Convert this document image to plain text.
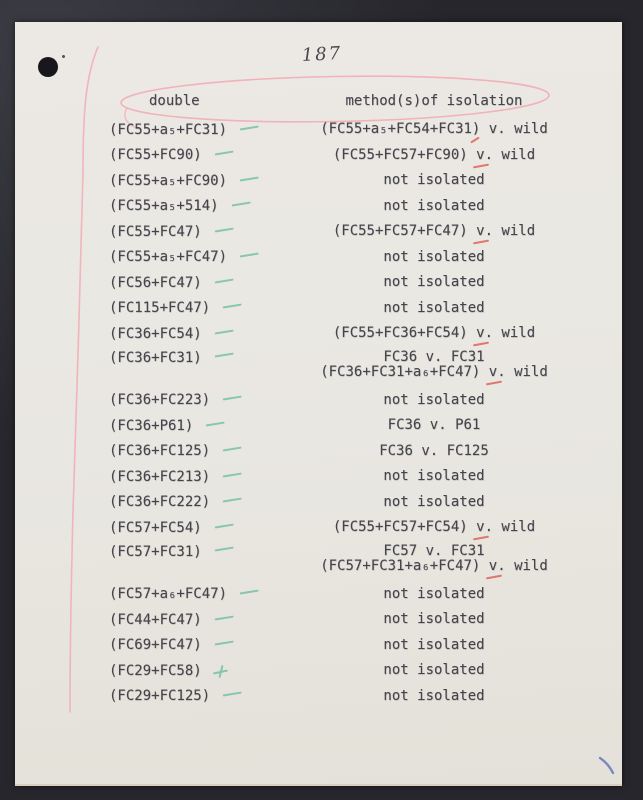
187
double	method(s)of isolation
(FC55+a₅+FC31)	(FC55+a₅+FC54+FC31) v. wild
(FC55+FC90)	(FC55+FC57+FC90) v. wild
(FC55+a₅+FC90)	not isolated
(FC55+a₅+514)	not isolated
(FC55+FC47)	(FC55+FC57+FC47) v. wild
(FC55+a₅+FC47)	not isolated
(FC56+FC47)	not isolated
(FC115+FC47)	not isolated
(FC36+FC54)	(FC55+FC36+FC54) v. wild
(FC36+FC31)	FC36 v. FC31
(FC36+FC31+a₆+FC47) v. wild
(FC36+FC223)	not isolated
(FC36+P61)	FC36 v. P61
(FC36+FC125)	FC36 v. FC125
(FC36+FC213)	not isolated
(FC36+FC222)	not isolated
(FC57+FC54)	(FC55+FC57+FC54) v. wild
(FC57+FC31)	FC57 v. FC31
(FC57+FC31+a₆+FC47) v. wild
(FC57+a₆+FC47)	not isolated
(FC44+FC47)	not isolated
(FC69+FC47)	not isolated
(FC29+FC58)	not isolated
(FC29+FC125)	not isolated
